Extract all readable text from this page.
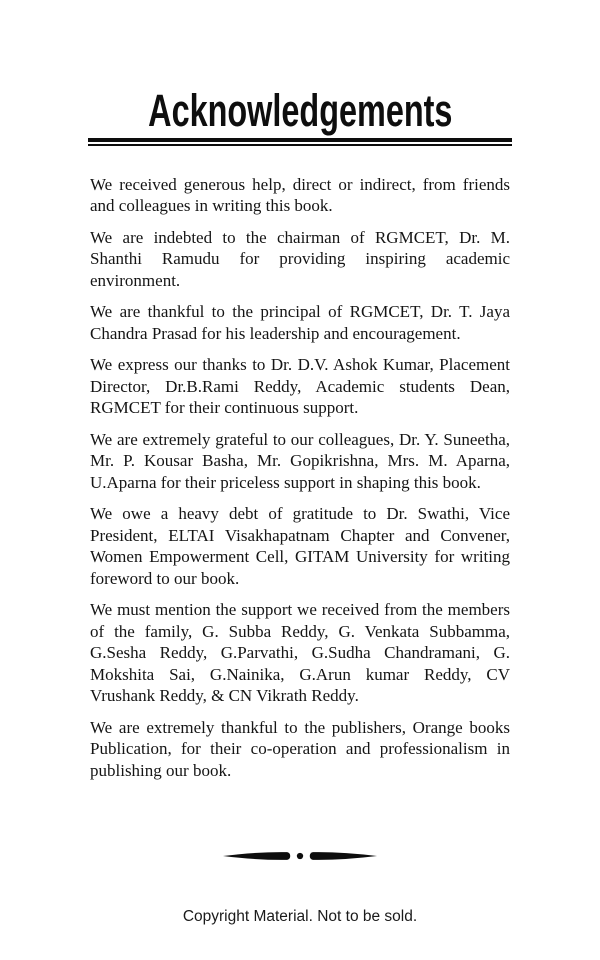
Acknowledgements

We received generous help, direct or indirect, from friends and colleagues in writing this book.

We are indebted to the chairman of RGMCET, Dr. M. Shanthi Ramudu for providing inspiring academic environment.

We are thankful to the principal of RGMCET, Dr. T. Jaya Chandra Prasad for his leadership and encouragement.

We express our thanks to Dr. D.V. Ashok Kumar, Placement Director, Dr.B.Rami Reddy, Academic students Dean, RGMCET for their continuous support.

We are extremely grateful to our colleagues, Dr. Y. Suneetha, Mr. P. Kousar Basha, Mr. Gopikrishna, Mrs. M. Aparna, U.Aparna for their priceless support in shaping this book.

We owe a heavy debt of gratitude to Dr. Swathi, Vice President, ELTAI Visakhapatnam Chapter and Convener, Women Empowerment Cell, GITAM University for writing foreword to our book.

We must mention the support we received from the members of the family, G. Subba Reddy, G. Venkata Subbamma, G.Sesha Reddy, G.Parvathi, G.Sudha Chandramani, G. Mokshita Sai, G.Nainika, G.Arun kumar Reddy, CV Vrushank Reddy, & CN Vikrath Reddy.

We are extremely thankful to the publishers, Orange books Publication, for their co-operation and professionalism in publishing our book.

Copyright Material. Not to be sold.
